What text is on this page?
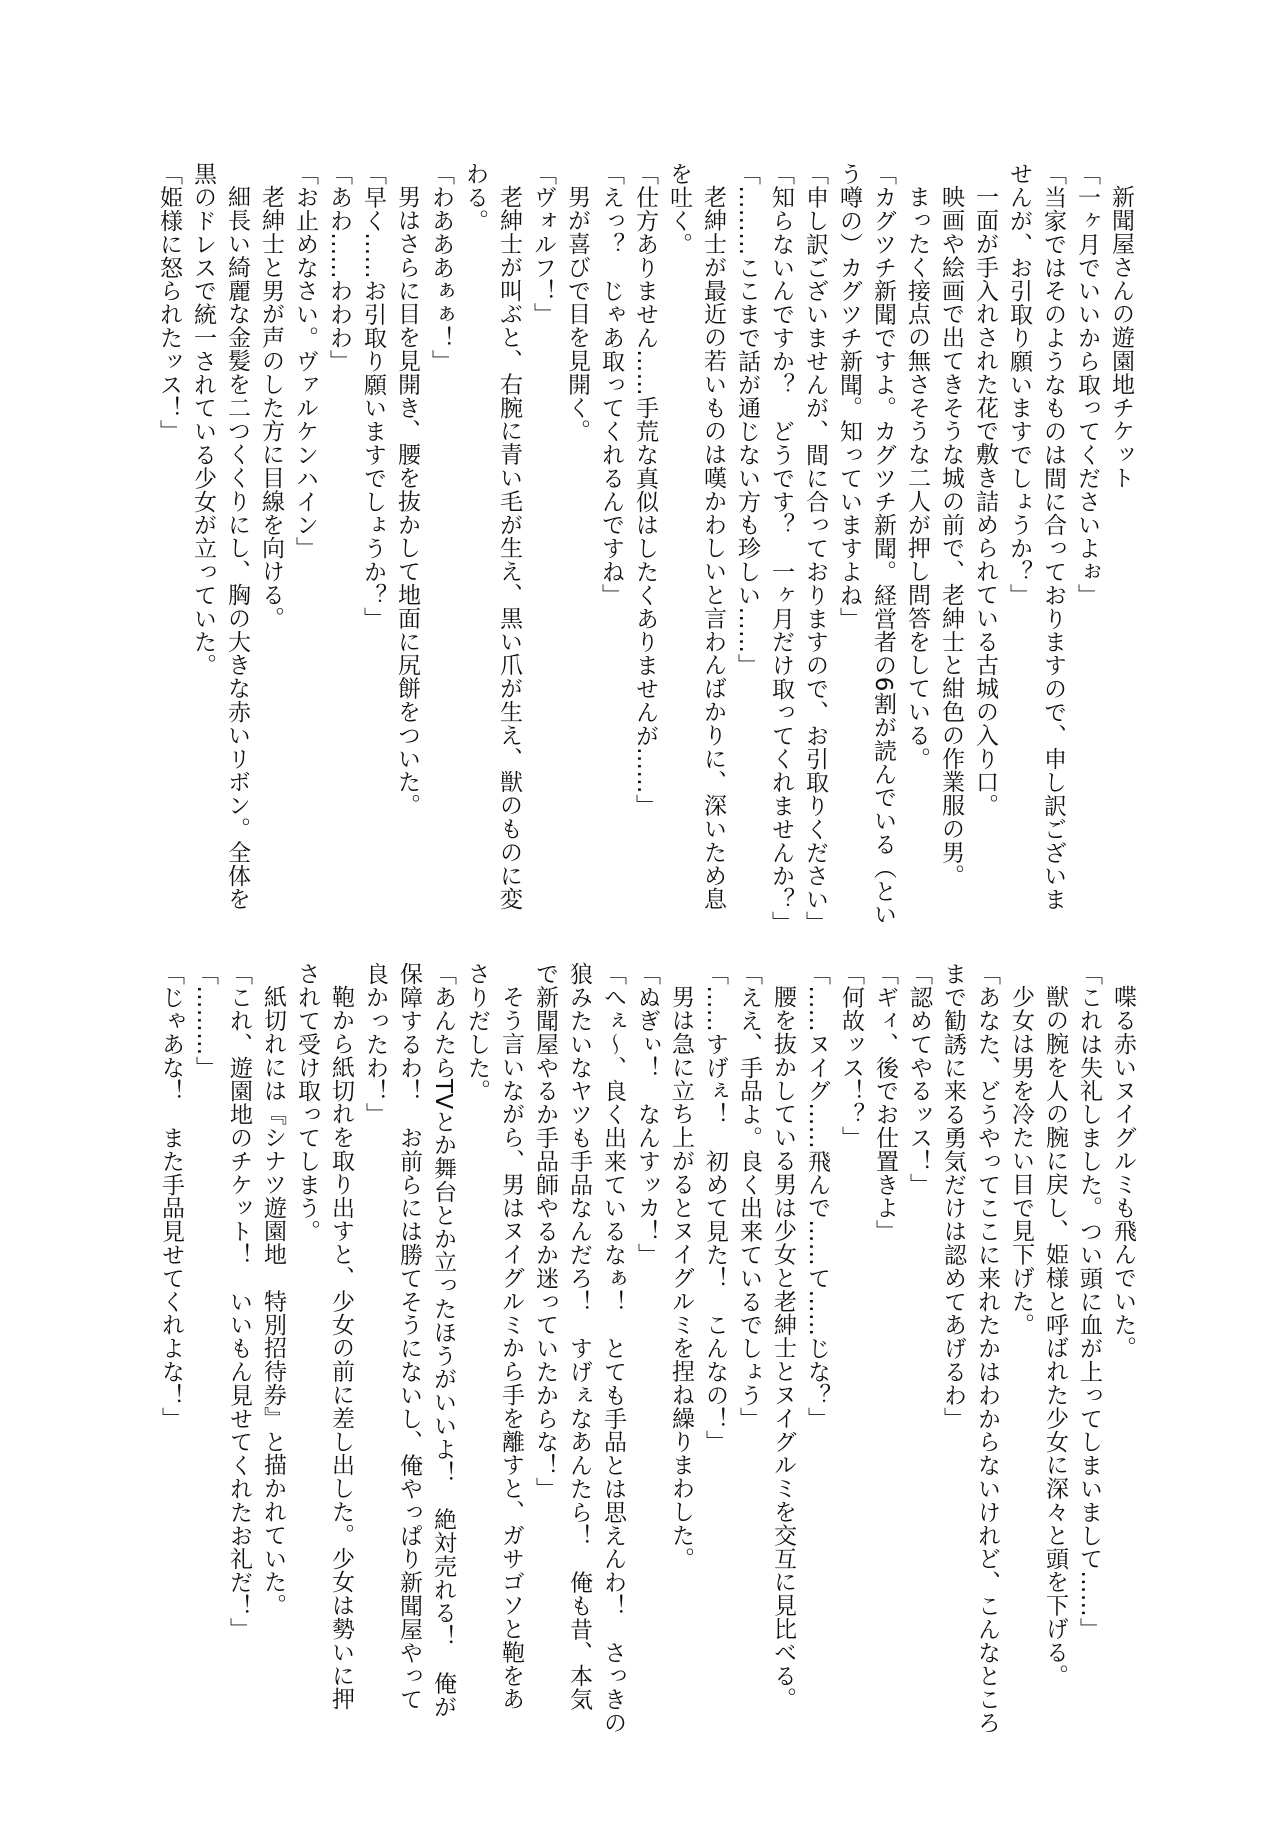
新聞屋さんの遊園地チケット
「一ヶ月でいいから取ってくださいよぉ」
「当家ではそのようなものは間に合っておりますので、申し訳ございま
せんが、お引取り願いますでしょうか？」
一面が手入れされた花で敷き詰められている古城の入り口。
映画や絵画で出てきそうな城の前で、老紳士と紺色の作業服の男。
まったく接点の無さそうな二人が押し問答をしている。
「カグツチ新聞ですよ。カグツチ新聞。経営者の6割が読んでいる（とい
う噂の）カグツチ新聞。知っていますよね」
「申し訳ございませんが、間に合っておりますので、お引取りください」
「知らないんですか？　どうです？　一ヶ月だけ取ってくれませんか？」
「………ここまで話が通じない方も珍しい……」
老紳士が最近の若いものは嘆かわしいと言わんばかりに、深いため息
を吐く。
「仕方ありません……手荒な真似はしたくありませんが……」
「えっ？　じゃあ取ってくれるんですね」
男が喜びで目を見開く。
「ヴォルフ！」
老紳士が叫ぶと、右腕に青い毛が生え、黒い爪が生え、獣のものに変
わる。
「わあああぁぁ！」
男はさらに目を見開き、腰を抜かして地面に尻餅をついた。
「早く……お引取り願いますでしょうか？」
「あわ……わわわ」
「お止めなさい。ヴァルケンハイン」
老紳士と男が声のした方に目線を向ける。
細長い綺麗な金髪を二つくくりにし、胸の大きな赤いリボン。全体を
黒のドレスで統一されている少女が立っていた。
「姫様に怒られたッス！」
喋る赤いヌイグルミも飛んでいた。
「これは失礼しました。つい頭に血が上ってしまいまして……」
獣の腕を人の腕に戻し、姫様と呼ばれた少女に深々と頭を下げる。
少女は男を冷たい目で見下げた。
「あなた、どうやってここに来れたかはわからないけれど、こんなところ
まで勧誘に来る勇気だけは認めてあげるわ」
「認めてやるッス！」
「ギィ、後でお仕置きよ」
「何故ッス！？」
「……ヌイグ……飛んで……て……じな？」
腰を抜かしている男は少女と老紳士とヌイグルミを交互に見比べる。
「ええ、手品よ。良く出来ているでしょう」
「……すげぇ！　初めて見た！　こんなの！」
男は急に立ち上がるとヌイグルミを捏ね繰りまわした。
「ぬぎぃ！　なんすッカ！」
「へぇ～、良く出来ているなぁ！　とても手品とは思えんわ！　さっきの
狼みたいなヤツも手品なんだろ！　すげぇなあんたら！　俺も昔、本気
で新聞屋やるか手品師やるか迷っていたからな！」
そう言いながら、男はヌイグルミから手を離すと、ガサゴソと鞄をあ
さりだした。
「あんたらTVとか舞台とか立ったほうがいいよ！　絶対売れる！　俺が
保障するわ！　お前らには勝てそうにないし、俺やっぱり新聞屋やって
良かったわ！」
鞄から紙切れを取り出すと、少女の前に差し出した。少女は勢いに押
されて受け取ってしまう。
紙切れには『シナツ遊園地　特別招待券』と描かれていた。
「これ、遊園地のチケット！　いいもん見せてくれたお礼だ！」
「………」
「じゃあな！　また手品見せてくれよな！」
